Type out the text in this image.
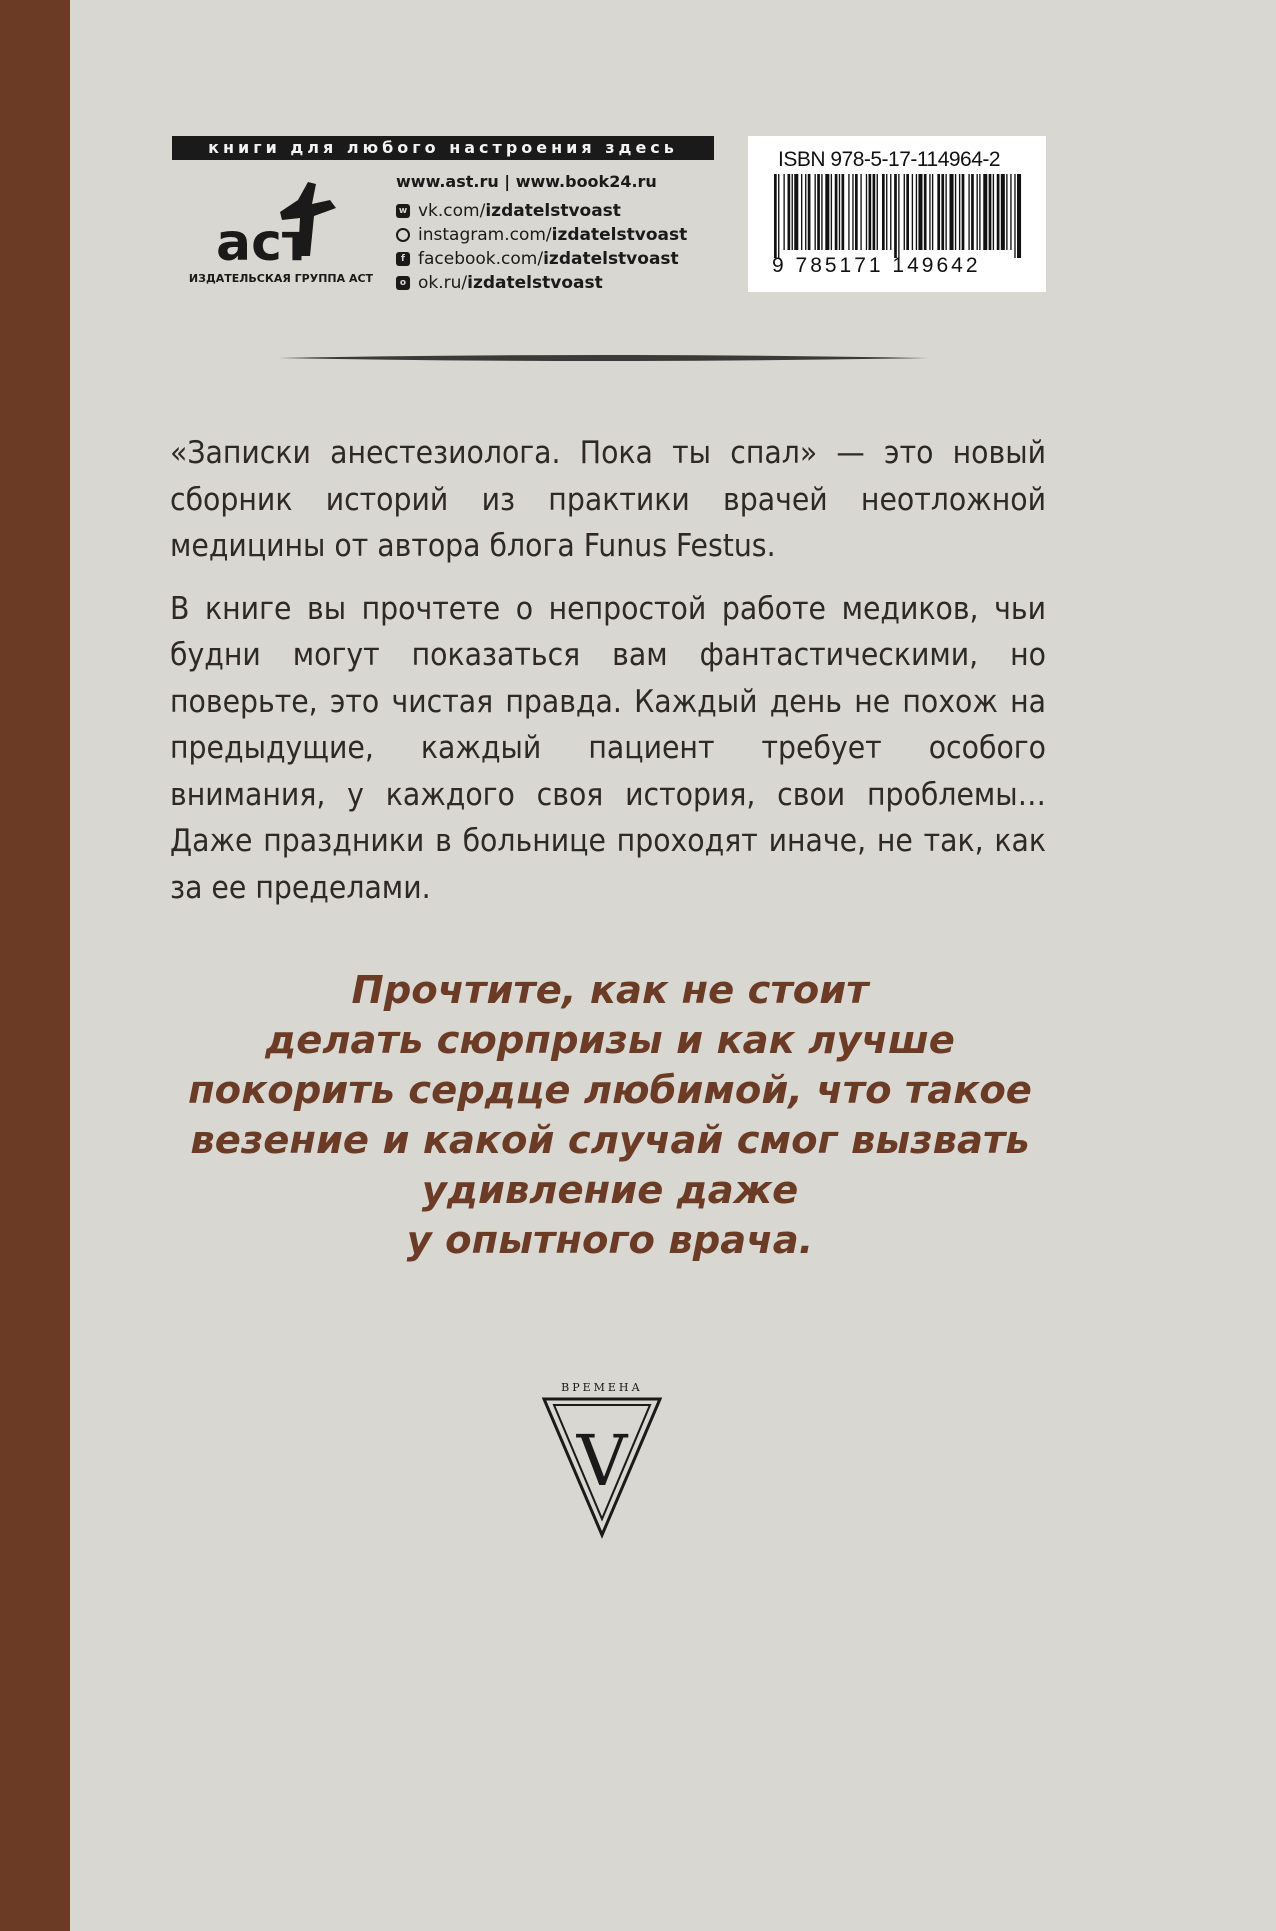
книги для любого настроения здесь
аст
ИЗДАТЕЛЬСКАЯ ГРУППА АСТ
www.ast.ru | www.book24.ru
w vk.com/ izdatelstvoast
instagram.com/ izdatelstvoast
f facebook.com/ izdatelstvoast
o ok.ru/ izdatelstvoast
ISBN 978-5-17-114964-2
9 785171 149642

«Записки анестезиолога. Пока ты спал» — это новый сборник историй из практики врачей неотложной медицины от автора блога Funus Festus.

В книге вы прочтете о непростой работе медиков, чьи будни могут показаться вам фантастическими, но поверьте, это чистая правда. Каждый день не похож на предыдущие, каждый пациент требует особого внимания, у каждого своя история, свои проблемы… Даже праздники в больнице проходят иначе, не так, как за ее пределами.

Прочтите, как не стоит
делать сюрпризы и как лучше
покорить сердце любимой, что такое
везение и какой случай смог вызвать
удивление даже
у опытного врача.
ВРЕМЕНА
V
